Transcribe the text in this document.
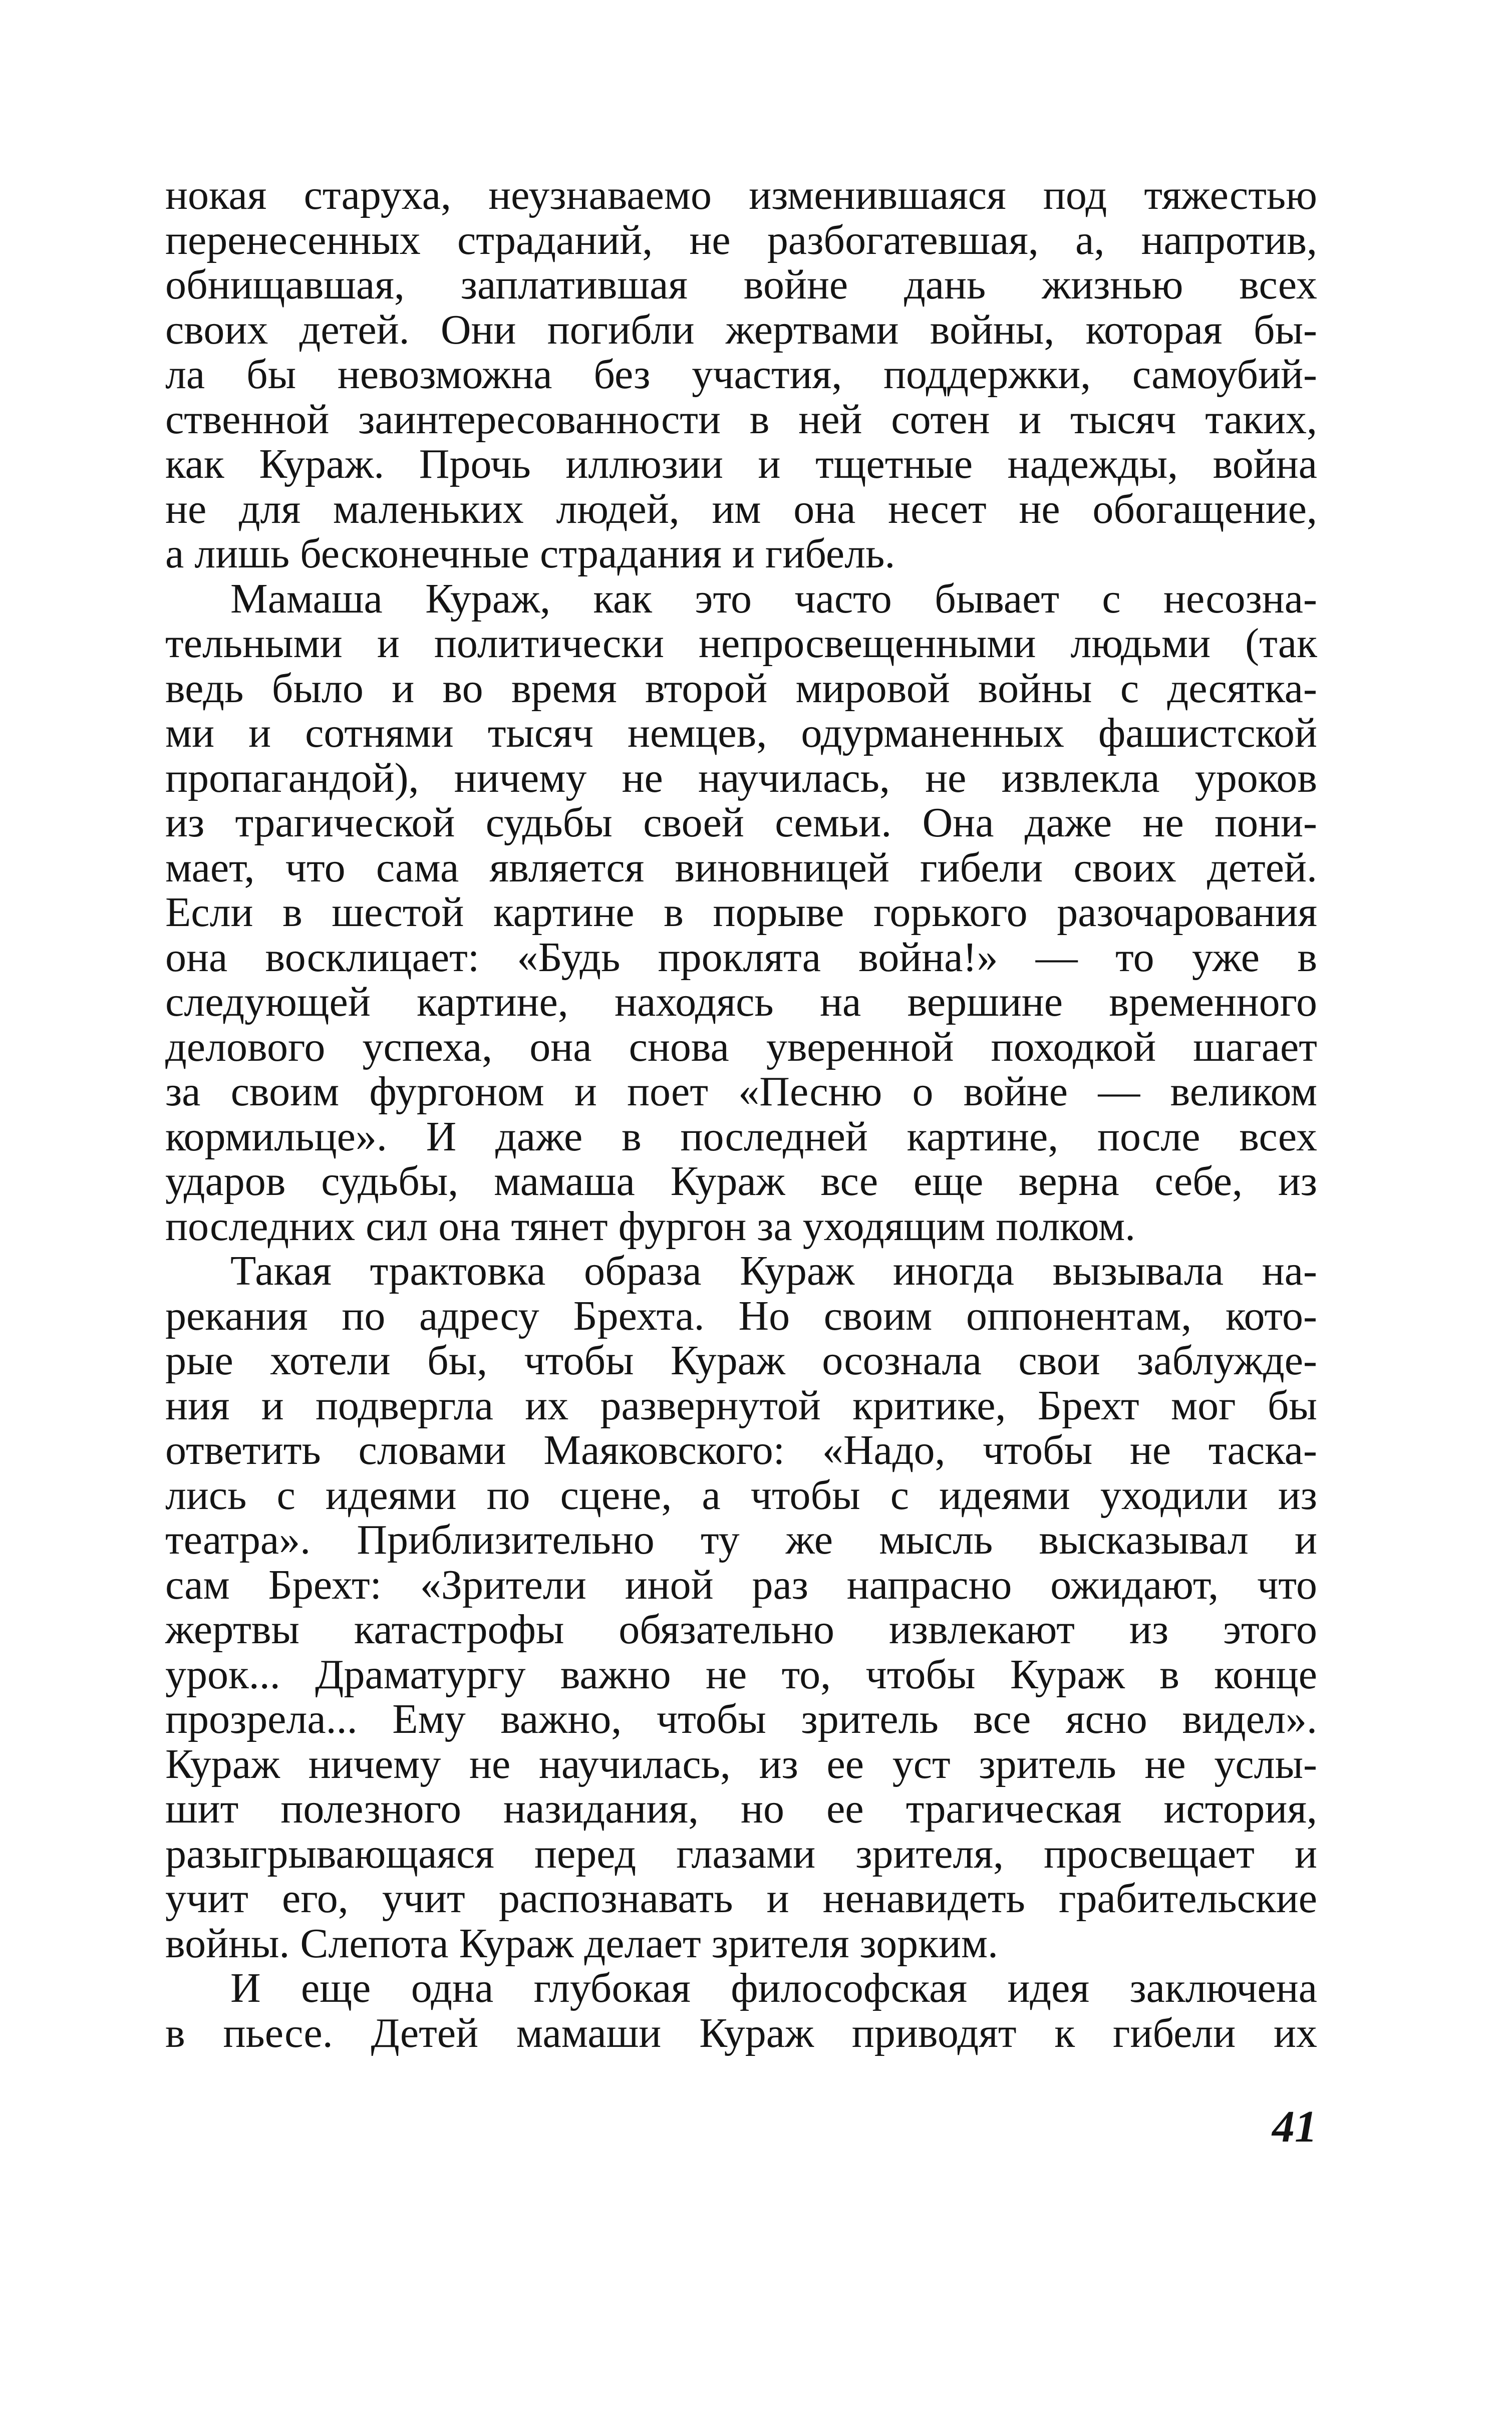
нокая старуха, неузнаваемо изменившаяся под тяжестью
перенесенных страданий, не разбогатевшая, а, напротив,
обнищавшая, заплатившая войне дань жизнью всех
своих детей. Они погибли жертвами войны, которая бы-
ла бы невозможна без участия, поддержки, самоубий-
ственной заинтересованности в ней сотен и тысяч таких,
как Кураж. Прочь иллюзии и тщетные надежды, война
не для маленьких людей, им она несет не обогащение,
а лишь бесконечные страдания и гибель.
Мамаша Кураж, как это часто бывает с несозна-
тельными и политически непросвещенными людьми (так
ведь было и во время второй мировой войны с десятка-
ми и сотнями тысяч немцев, одурманенных фашистской
пропагандой), ничему не научилась, не извлекла уроков
из трагической судьбы своей семьи. Она даже не пони-
мает, что сама является виновницей гибели своих детей.
Если в шестой картине в порыве горького разочарования
она восклицает: «Будь проклята война!» — то уже в
следующей картине, находясь на вершине временного
делового успеха, она снова уверенной походкой шагает
за своим фургоном и поет «Песню о войне — великом
кормильце». И даже в последней картине, после всех
ударов судьбы, мамаша Кураж все еще верна себе, из
последних сил она тянет фургон за уходящим полком.
Такая трактовка образа Кураж иногда вызывала на-
рекания по адресу Брехта. Но своим оппонентам, кото-
рые хотели бы, чтобы Кураж осознала свои заблужде-
ния и подвергла их развернутой критике, Брехт мог бы
ответить словами Маяковского: «Надо, чтобы не таска-
лись с идеями по сцене, а чтобы с идеями уходили из
театра». Приблизительно ту же мысль высказывал и
сам Брехт: «Зрители иной раз напрасно ожидают, что
жертвы катастрофы обязательно извлекают из этого
урок... Драматургу важно не то, чтобы Кураж в конце
прозрела... Ему важно, чтобы зритель все ясно видел».
Кураж ничему не научилась, из ее уст зритель не услы-
шит полезного назидания, но ее трагическая история,
разыгрывающаяся перед глазами зрителя, просвещает и
учит его, учит распознавать и ненавидеть грабительские
войны. Слепота Кураж делает зрителя зорким.
И еще одна глубокая философская идея заключена
в пьесе. Детей мамаши Кураж приводят к гибели их
41
